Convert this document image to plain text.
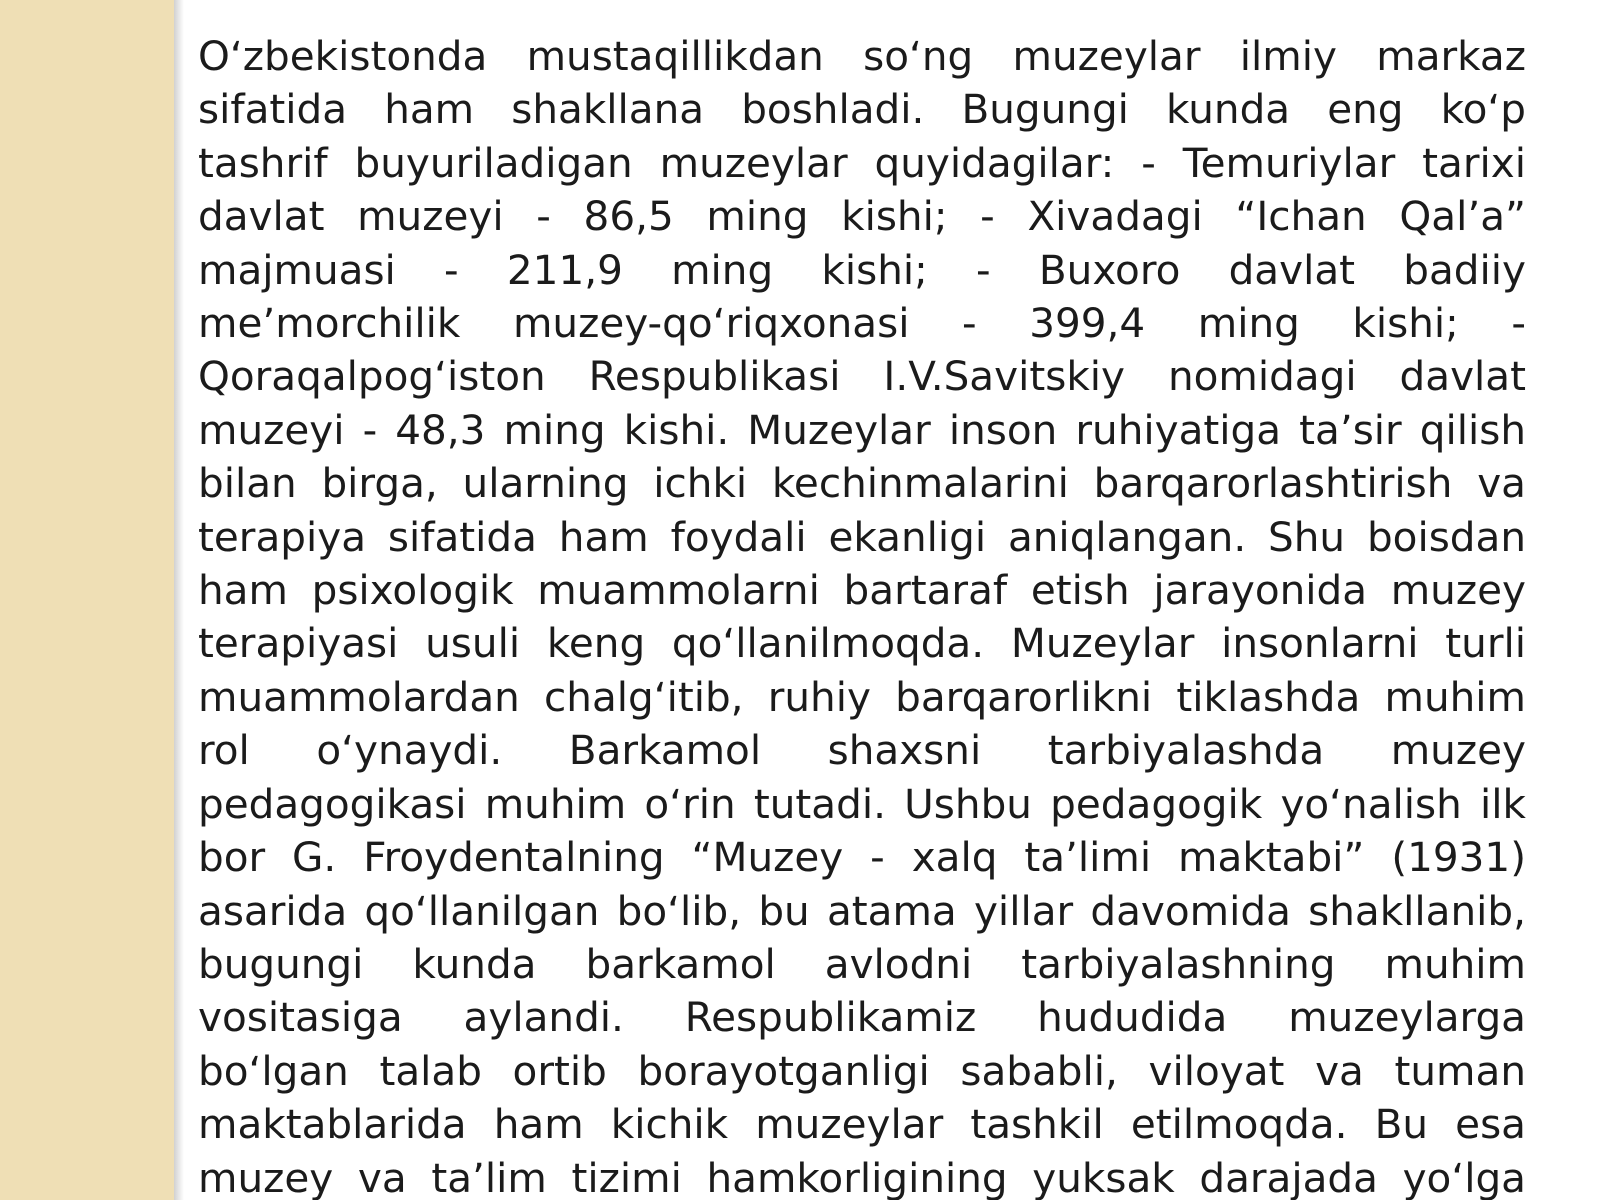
O‘zbekistonda mustaqillikdan so‘ng muzeylar ilmiy markaz

sifatida ham shakllana boshladi. Bugungi kunda eng ko‘p

tashrif buyuriladigan muzeylar quyidagilar: - Temuriylar tarixi

davlat muzeyi - 86,5 ming kishi; - Xivadagi “Ichan Qal’a”

majmuasi - 211,9 ming kishi; - Buxoro davlat badiiy

me’morchilik muzey-qo‘riqxonasi - 399,4 ming kishi; -

Qoraqalpog‘iston Respublikasi I.V.Savitskiy nomidagi davlat

muzeyi - 48,3 ming kishi. Muzeylar inson ruhiyatiga ta’sir qilish

bilan birga, ularning ichki kechinmalarini barqarorlashtirish va

terapiya sifatida ham foydali ekanligi aniqlangan. Shu boisdan

ham psixologik muammolarni bartaraf etish jarayonida muzey

terapiyasi usuli keng qo‘llanilmoqda. Muzeylar insonlarni turli

muammolardan chalg‘itib, ruhiy barqarorlikni tiklashda muhim

rol o‘ynaydi. Barkamol shaxsni tarbiyalashda muzey

pedagogikasi muhim o‘rin tutadi. Ushbu pedagogik yo‘nalish ilk

bor G. Froydentalning “Muzey - xalq ta’limi maktabi” (1931)

asarida qo‘llanilgan bo‘lib, bu atama yillar davomida shakllanib,

bugungi kunda barkamol avlodni tarbiyalashning muhim

vositasiga aylandi. Respublikamiz hududida muzeylarga

bo‘lgan talab ortib borayotganligi sababli, viloyat va tuman

maktablarida ham kichik muzeylar tashkil etilmoqda. Bu esa

muzey va ta’lim tizimi hamkorligining yuksak darajada yo‘lga
